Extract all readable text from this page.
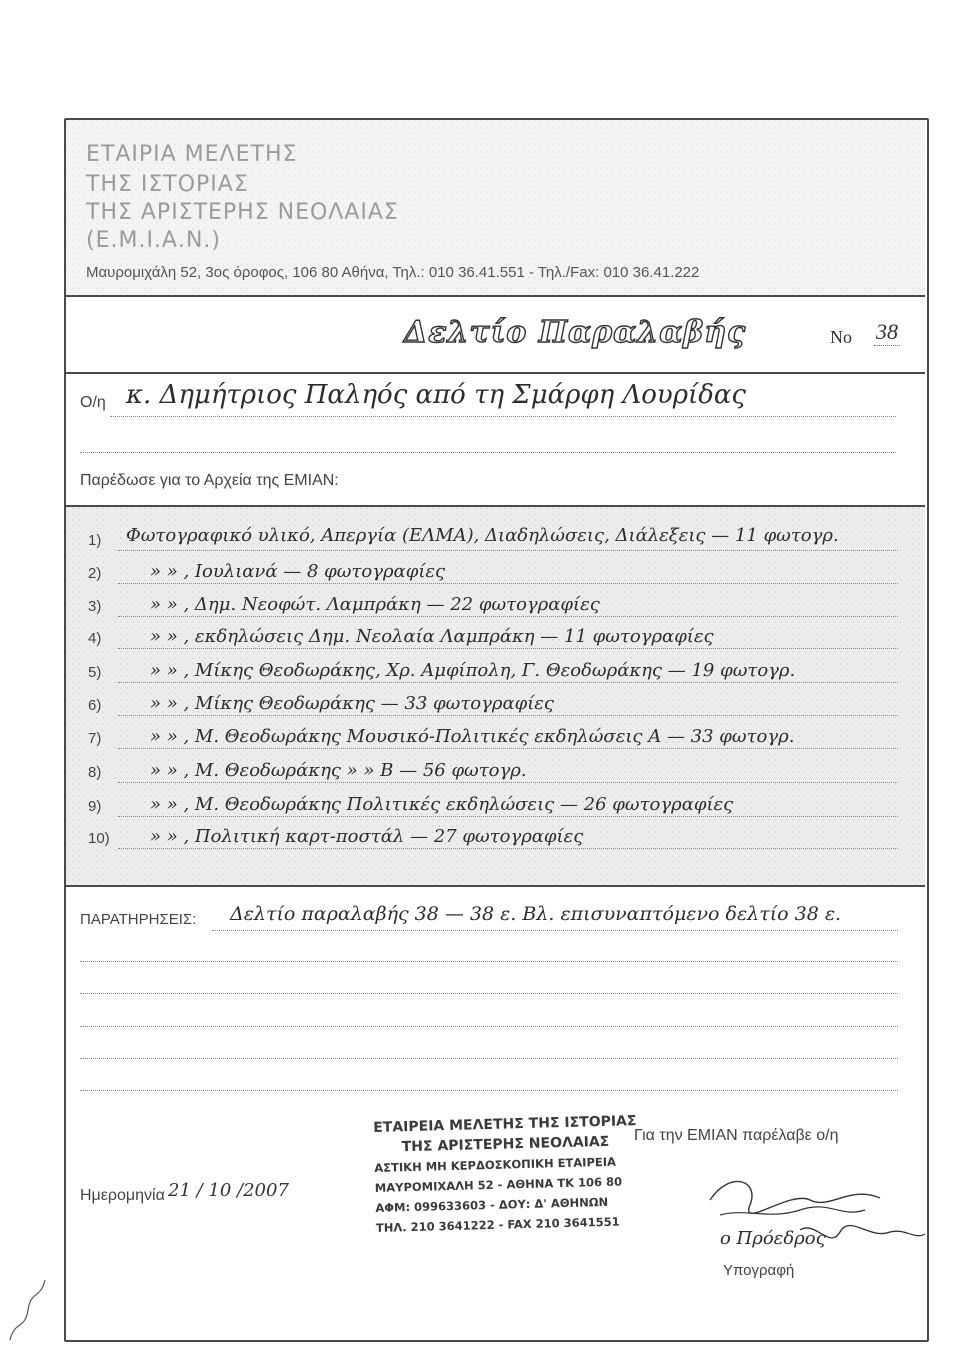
ΕΤΑΙΡΙΑ ΜΕΛΕΤΗΣ
ΤΗΣ ΙΣΤΟΡΙΑΣ
ΤΗΣ ΑΡΙΣΤΕΡΗΣ ΝΕΟΛΑΙΑΣ
(Ε.Μ.Ι.Α.Ν.)
Μαυρομιχάλη 52, 3ος όροφος, 106 80 Αθήνα, Τηλ.: 010 36.41.551 - Τηλ./Fax: 010 36.41.222
Δελτίο Παραλαβής	No 38
Ο/η κ. Δημήτριος Παληός από τη Σμάρφη Λουρίδας
Παρέδωσε για το Αρχεία της ΕΜΙΑΝ:
1) Φωτογραφικό υλικό, Απεργία (ΕΛΜΑ), Διαδηλώσεις, Διάλεξεις — 11 φωτογρ.
2)	» » , Ιουλιανά — 8 φωτογραφίες
3)	» » , Δημ. Νεοφώτ. Λαμπράκη — 22 φωτογραφίες
4)	» » , εκδηλώσεις Δημ. Νεολαία Λαμπράκη — 11 φωτογραφίες
5)	» » , Μίκης Θεοδωράκης, Χρ. Αμφίπολη, Γ. Θεοδωράκης — 19 φωτογρ.
6)	» » , Μίκης Θεοδωράκης — 33 φωτογραφίες
7)	» » , Μ. Θεοδωράκης Μουσικό-Πολιτικές εκδηλώσεις Α — 33 φωτογρ.
8)	» » , Μ. Θεοδωράκης » » Β — 56 φωτογρ.
9)	» » , Μ. Θεοδωράκης Πολιτικές εκδηλώσεις — 26 φωτογραφίες
10) » » , Πολιτική καρτ-ποστάλ — 27 φωτογραφίες
ΠΑΡΑΤΗΡΗΣΕΙΣ: Δελτίο παραλαβής 38 — 38 ε. Βλ. επισυναπτόμενο δελτίο 38 ε.
ΕΤΑΙΡΕΙΑ ΜΕΛΕΤΗΣ ΤΗΣ ΙΣΤΟΡΙΑΣ
ΤΗΣ ΑΡΙΣΤΕΡΗΣ ΝΕΟΛΑΙΑΣ
ΑΣΤΙΚΗ ΜΗ ΚΕΡΔΟΣΚΟΠΙΚΗ ΕΤΑΙΡΕΙΑ
ΜΑΥΡΟΜΙΧΑΛΗ 52 - ΑΘΗΝΑ ΤΚ 106 80
ΑΦΜ: 099633603 - ΔΟΥ: Δ' ΑΘΗΝΩΝ
ΤΗΛ. 210 3641222 - FAX 210 3641551
Για την ΕΜΙΑΝ παρέλαβε ο/η
Ημερομηνία 21 / 10 /2007
ο Πρόεδρος
Υπογραφή
